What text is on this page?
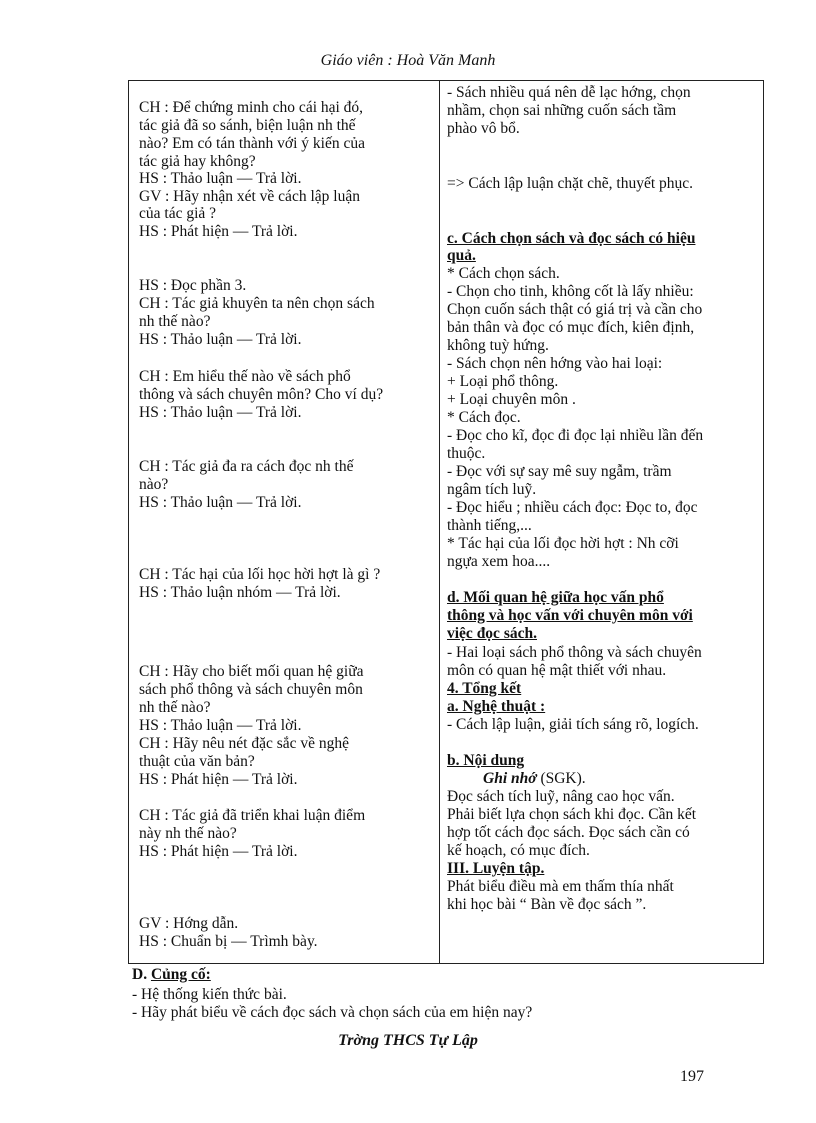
Giáo viên : Hoà Văn Manh
CH : Để chứng minh cho cái hại đó,
tác giả đã so sánh, biện luận nh thế
nào? Em có tán thành với ý kiến của
tác giả hay không?
HS : Thảo luận — Trả lời.
GV : Hãy nhận xét về cách lập luận
của tác giả ?
HS : Phát hiện — Trả lời.
HS : Đọc phần 3.
CH : Tác giả khuyên ta nên chọn sách
nh thế nào?
HS : Thảo luận — Trả lời.
CH : Em hiểu thế nào về sách phổ
thông và sách chuyên môn? Cho ví dụ?
HS : Thảo luận — Trả lời.
CH : Tác giả đa ra cách đọc nh thế
nào?
HS : Thảo luận — Trả lời.
CH : Tác hại của lối học hời hợt là gì ?
HS : Thảo luận nhóm — Trả lời.
CH : Hãy cho biết mối quan hệ giữa
sách phổ thông và sách chuyên môn
nh thế nào?
HS : Thảo luận — Trả lời.
CH : Hãy nêu nét đặc sắc về nghệ
thuật của văn bản?
HS : Phát hiện — Trả lời.
CH : Tác giả đã triển khai luận điểm
này nh thế nào?
HS : Phát hiện — Trả lời.
GV : Hớng dẫn.
HS : Chuẩn bị — Trìmh bày.
- Sách nhiều quá nên dễ lạc hớng, chọn
nhầm, chọn sai những cuốn sách tầm
phào vô bổ.
=> Cách lập luận chặt chẽ, thuyết phục.
c. Cách chọn sách và đọc sách có hiệu
quả.
* Cách chọn sách.
- Chọn cho tinh, không cốt là lấy nhiều:
Chọn cuốn sách thật có giá trị và cần cho
bản thân và đọc có mục đích, kiên định,
không tuỳ hứng.
- Sách chọn nên hớng vào hai loại:
+ Loại phổ thông.
+ Loại chuyên môn .
* Cách đọc.
- Đọc cho kĩ, đọc đi đọc lại nhiều lần đến
thuộc.
- Đọc với sự say mê suy ngẫm, trầm
ngâm tích luỹ.
- Đọc hiểu ; nhiều cách đọc: Đọc to, đọc
thành tiếng,...
* Tác hại của lối đọc hời hợt : Nh cỡi
ngựa xem hoa....
d. Mối quan hệ giữa học vấn phổ
thông và học vấn với chuyên môn với
việc đọc sách.
- Hai loại sách phổ thông và sách chuyên
môn có quan hệ mật thiết với nhau.
4. Tổng kết
a. Nghệ thuật :
- Cách lập luận, giải tích sáng rõ, logích.
b. Nội dung
Ghi nhớ (SGK).
Đọc sách tích luỹ, nâng cao học vấn.
Phải biết lựa chọn sách khi đọc. Cần kết
hợp tốt cách đọc sách. Đọc sách cần có
kế hoạch, có mục đích.
III. Luyện tập.
Phát biểu điều mà em thấm thía nhất
khi học bài “ Bàn về đọc sách ”.
D. Củng cố:
- Hệ thống kiến thức bài.
- Hãy phát biểu về cách đọc sách và chọn sách của em hiện nay?
Trờng THCS Tự Lập
197
